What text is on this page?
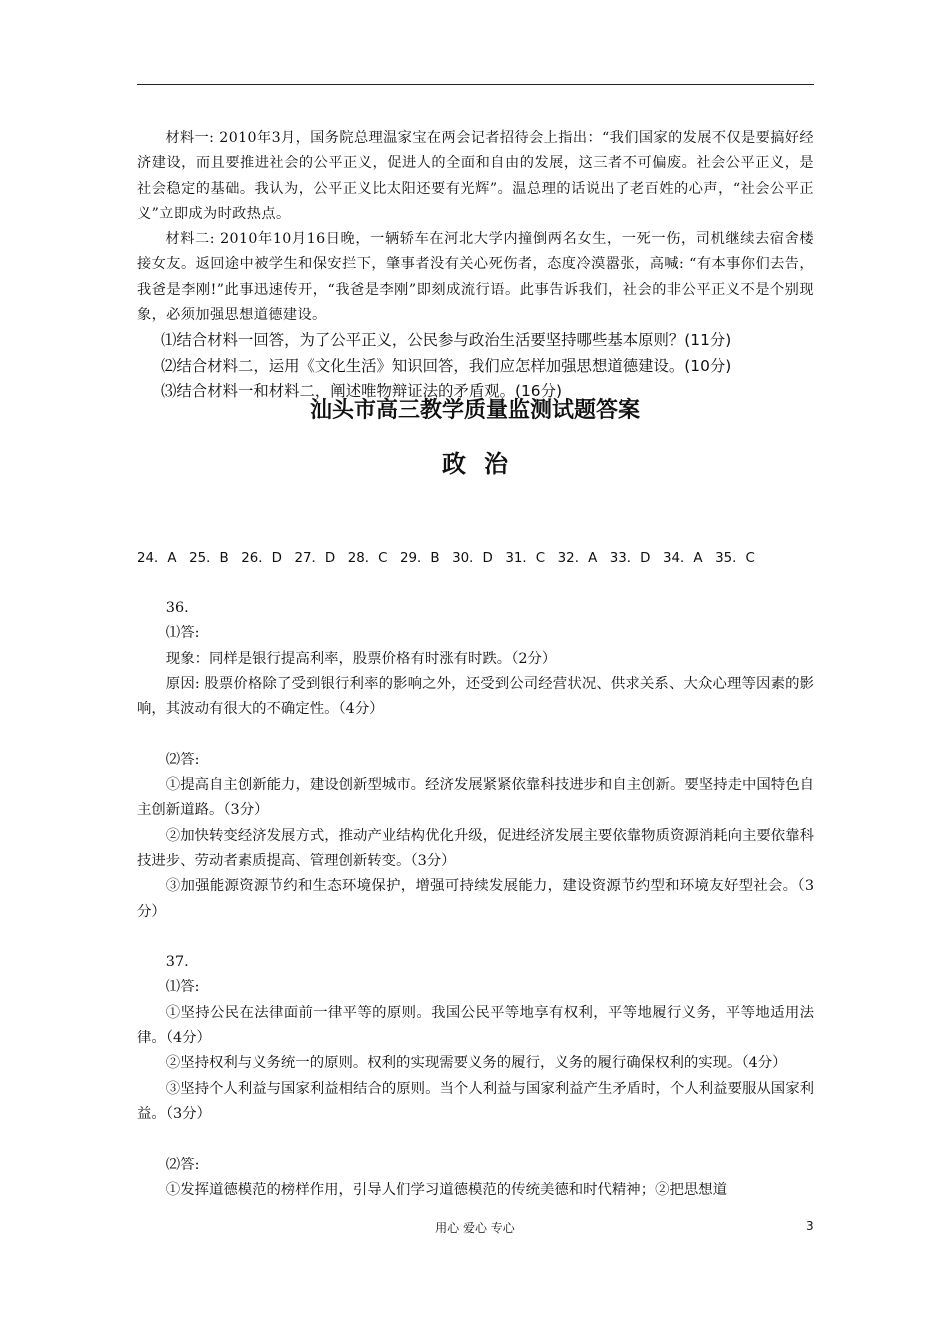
材料一: 2010年3月，国务院总理温家宝在两会记者招待会上指出：“我们国家的发展不仅是要搞好经济建设，而且要推进社会的公平正义，促进人的全面和自由的发展，这三者不可偏废。社会公平正义，是社会稳定的基础。我认为，公平正义比太阳还要有光辉”。温总理的话说出了老百姓的心声，“社会公平正义”立即成为时政热点。

材料二: 2010年10月16日晚，一辆轿车在河北大学内撞倒两名女生，一死一伤，司机继续去宿舍楼接女友。返回途中被学生和保安拦下，肇事者没有关心死伤者，态度冷漠嚣张，高喊: “有本事你们去告，我爸是李刚!”此事迅速传开，“我爸是李刚”即刻成流行语。此事告诉我们，社会的非公平正义不是个别现象，必须加强思想道德建设。

⑴结合材料一回答，为了公平正义，公民参与政治生活要坚持哪些基本原则？(11分)

⑵结合材料二，运用《文化生活》知识回答，我们应怎样加强思想道德建设。(10分)

⑶结合材料一和材料二，阐述唯物辩证法的矛盾观。(16分)

汕头市高三教学质量监测试题答案
政治
24．A 25．B 26．D 27．D 28．C 29．B 30．D 31．C 32．A 33．D 34．A 35．C

36.

⑴答:

现象：同样是银行提高利率，股票价格有时涨有时跌。（2分）

原因: 股票价格除了受到银行利率的影响之外，还受到公司经营状况、供求关系、大众心理等因素的影响，其波动有很大的不确定性。（4分）

⑵答:

①提高自主创新能力，建设创新型城市。经济发展紧紧依靠科技进步和自主创新。要坚持走中国特色自主创新道路。（3分）

②加快转变经济发展方式，推动产业结构优化升级，促进经济发展主要依靠物质资源消耗向主要依靠科技进步、劳动者素质提高、管理创新转变。（3分）

③加强能源资源节约和生态环境保护，增强可持续发展能力，建设资源节约型和环境友好型社会。（3分）

37.

⑴答:

①坚持公民在法律面前一律平等的原则。我国公民平等地享有权利，平等地履行义务，平等地适用法律。（4分）

②坚持权利与义务统一的原则。权利的实现需要义务的履行，义务的履行确保权利的实现。（4分）

③坚持个人利益与国家利益相结合的原则。当个人利益与国家利益产生矛盾时，个人利益要服从国家利益。（3分）

⑵答:

①发挥道德模范的榜样作用，引导人们学习道德模范的传统美德和时代精神；②把思想道

用心 爱心 专心	3
